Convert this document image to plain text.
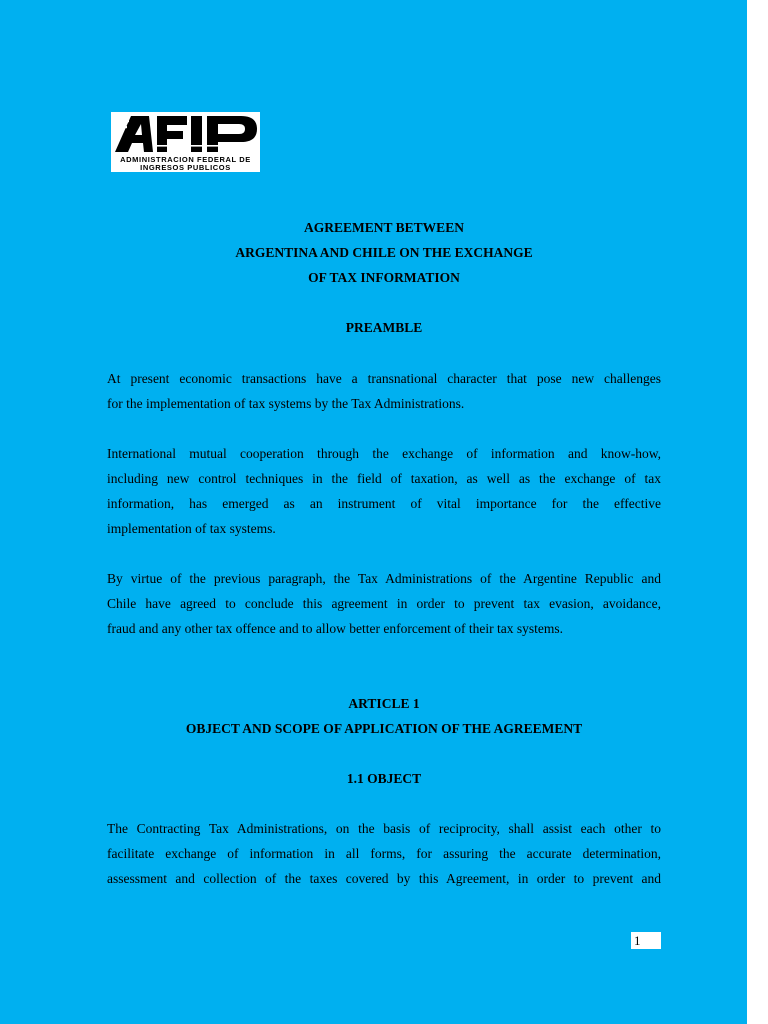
ADMINISTRACION FEDERAL DE
INGRESOS PUBLICOS
AGREEMENT BETWEEN
ARGENTINA AND CHILE ON THE EXCHANGE
OF TAX INFORMATION
PREAMBLE
At present economic transactions have a transnational character that pose new challenges
for the implementation of tax systems by the Tax Administrations.
International mutual cooperation through the exchange of information and know-how,
including new control techniques in the field of taxation, as well as the exchange of tax
information, has emerged as an instrument of vital importance for the effective
implementation of tax systems.
By virtue of the previous paragraph, the Tax Administrations of the Argentine Republic and
Chile have agreed to conclude this agreement in order to prevent tax evasion, avoidance,
fraud and any other tax offence and to allow better enforcement of their tax systems.
ARTICLE 1
OBJECT AND SCOPE OF APPLICATION OF THE AGREEMENT
1.1 OBJECT
The Contracting Tax Administrations, on the basis of reciprocity, shall assist each other to
facilitate exchange of information in all forms, for assuring the accurate determination,
assessment and collection of the taxes covered by this Agreement, in order to prevent and
1
